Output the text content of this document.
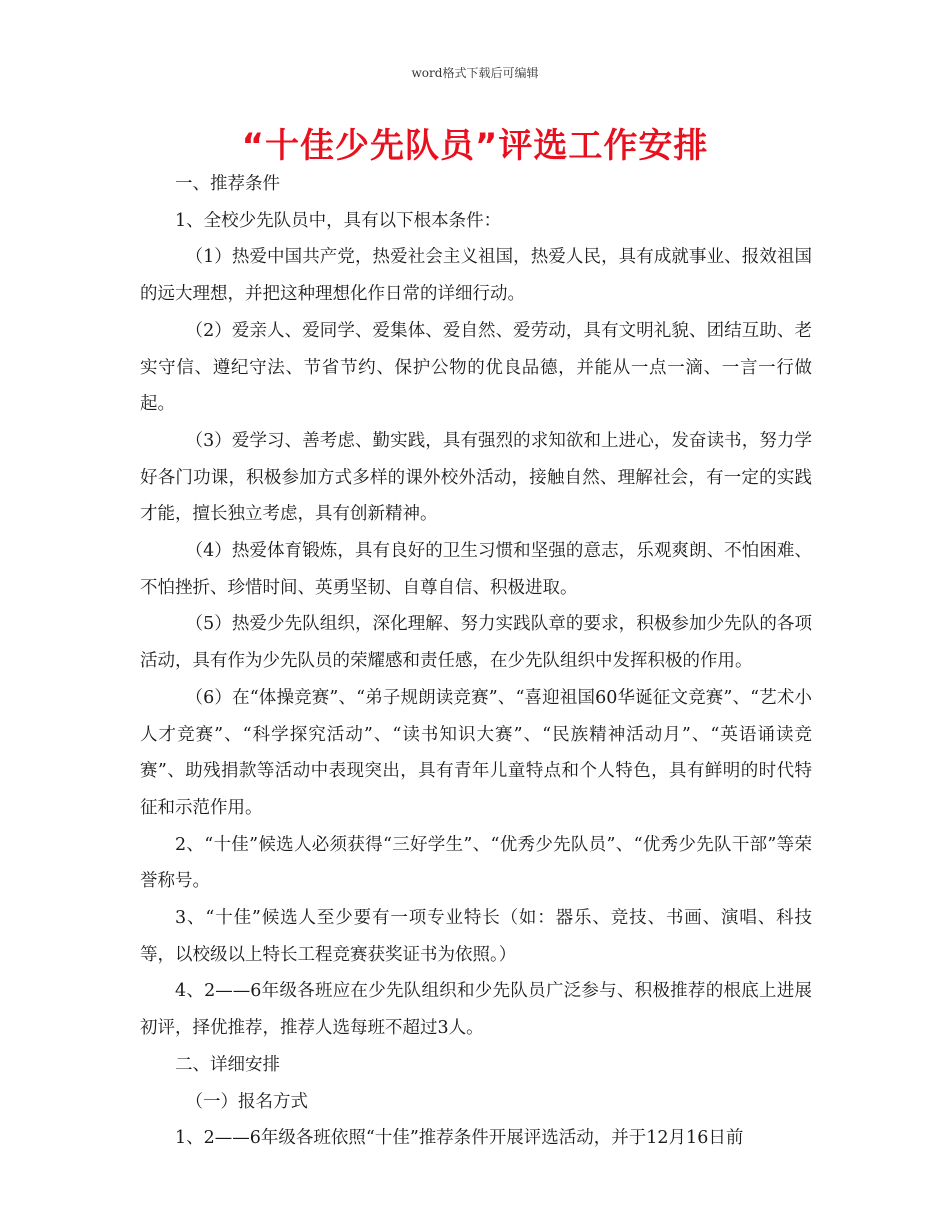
word格式下载后可编辑
“十佳少先队员”评选工作安排

一、推荐条件

1、全校少先队员中，具有以下根本条件：

（1）热爱中国共产党，热爱社会主义祖国，热爱人民，具有成就事业、报效祖国的远大理想，并把这种理想化作日常的详细行动。

（2）爱亲人、爱同学、爱集体、爱自然、爱劳动，具有文明礼貌、团结互助、老实守信、遵纪守法、节省节约、保护公物的优良品德，并能从一点一滴、一言一行做起。

（3）爱学习、善考虑、勤实践，具有强烈的求知欲和上进心，发奋读书，努力学好各门功课，积极参加方式多样的课外校外活动，接触自然、理解社会，有一定的实践才能，擅长独立考虑，具有创新精神。

（4）热爱体育锻炼，具有良好的卫生习惯和坚强的意志，乐观爽朗、不怕困难、不怕挫折、珍惜时间、英勇坚韧、自尊自信、积极进取。

（5）热爱少先队组织，深化理解、努力实践队章的要求，积极参加少先队的各项活动，具有作为少先队员的荣耀感和责任感，在少先队组织中发挥积极的作用。

（6）在“体操竞赛”、“弟子规朗读竞赛”、“喜迎祖国60华诞征文竞赛”、“艺术小人才竞赛”、“科学探究活动”、“读书知识大赛”、“民族精神活动月”、“英语诵读竞赛”、助残捐款等活动中表现突出，具有青年儿童特点和个人特色，具有鲜明的时代特征和示范作用。

2、“十佳”候选人必须获得“三好学生”、“优秀少先队员”、“优秀少先队干部”等荣誉称号。

3、“十佳”候选人至少要有一项专业特长（如：器乐、竞技、书画、演唱、科技等，以校级以上特长工程竞赛获奖证书为依照。）

4、2——6年级各班应在少先队组织和少先队员广泛参与、积极推荐的根底上进展初评，择优推荐，推荐人选每班不超过3人。

二、详细安排

（一）报名方式

1、2——6年级各班依照“十佳”推荐条件开展评选活动，并于12月16日前
